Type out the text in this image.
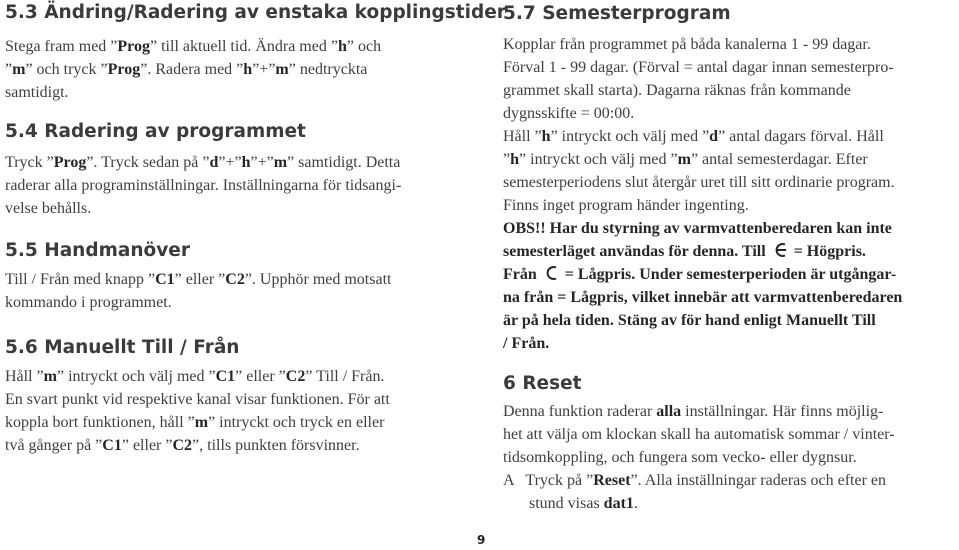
5.3 Ändring/Radering av enstaka kopplingstider

Stega fram med ”Prog” till aktuell tid. Ändra med ”h” och
”m” och tryck ”Prog”. Radera med ”h”+”m” nedtryckta
samtidigt.

5.4 Radering av programmet

Tryck ”Prog”. Tryck sedan på ”d”+”h”+”m” samtidigt. Detta
raderar alla programinställningar. Inställningarna för tidsangi-
velse behålls.

5.5 Handmanöver

Till / Från med knapp ”C1” eller ”C2”. Upphör med motsatt
kommando i programmet.

5.6 Manuellt Till / Från

Håll ”m” intryckt och välj med ”C1” eller ”C2” Till / Från.
En svart punkt vid respektive kanal visar funktionen. För att
koppla bort funktionen, håll ”m” intryckt och tryck en eller
två gånger på ”C1” eller ”C2”, tills punkten försvinner.

5.7 Semesterprogram

Kopplar från programmet på båda kanalerna 1 - 99 dagar.
Förval 1 - 99 dagar. (Förval = antal dagar innan semesterpro-
grammet skall starta). Dagarna räknas från kommande
dygnsskifte = 00:00.
Håll ”h” intryckt och välj med ”d” antal dagars förval. Håll
”h” intryckt och välj med ”m” antal semesterdagar. Efter
semesterperiodens slut återgår uret till sitt ordinarie program.
Finns inget program händer ingenting.
OBS!! Har du styrning av varmvattenberedaren kan inte
semesterläget användas för denna. Till = Högpris.
Från = Lågpris. Under semesterperioden är utgångar-
na från = Lågpris, vilket innebär att varmvattenberedaren
är på hela tiden. Stäng av för hand enligt Manuellt Till
/ Från.

6 Reset

Denna funktion raderar alla inställningar. Här finns möjlig-
het att välja om klockan skall ha automatisk sommar / vinter-
tidsomkoppling, och fungera som vecko- eller dygnsur.
A   Tryck på ”Reset”. Alla inställningar raderas och efter en
stund visas dat1.

9
